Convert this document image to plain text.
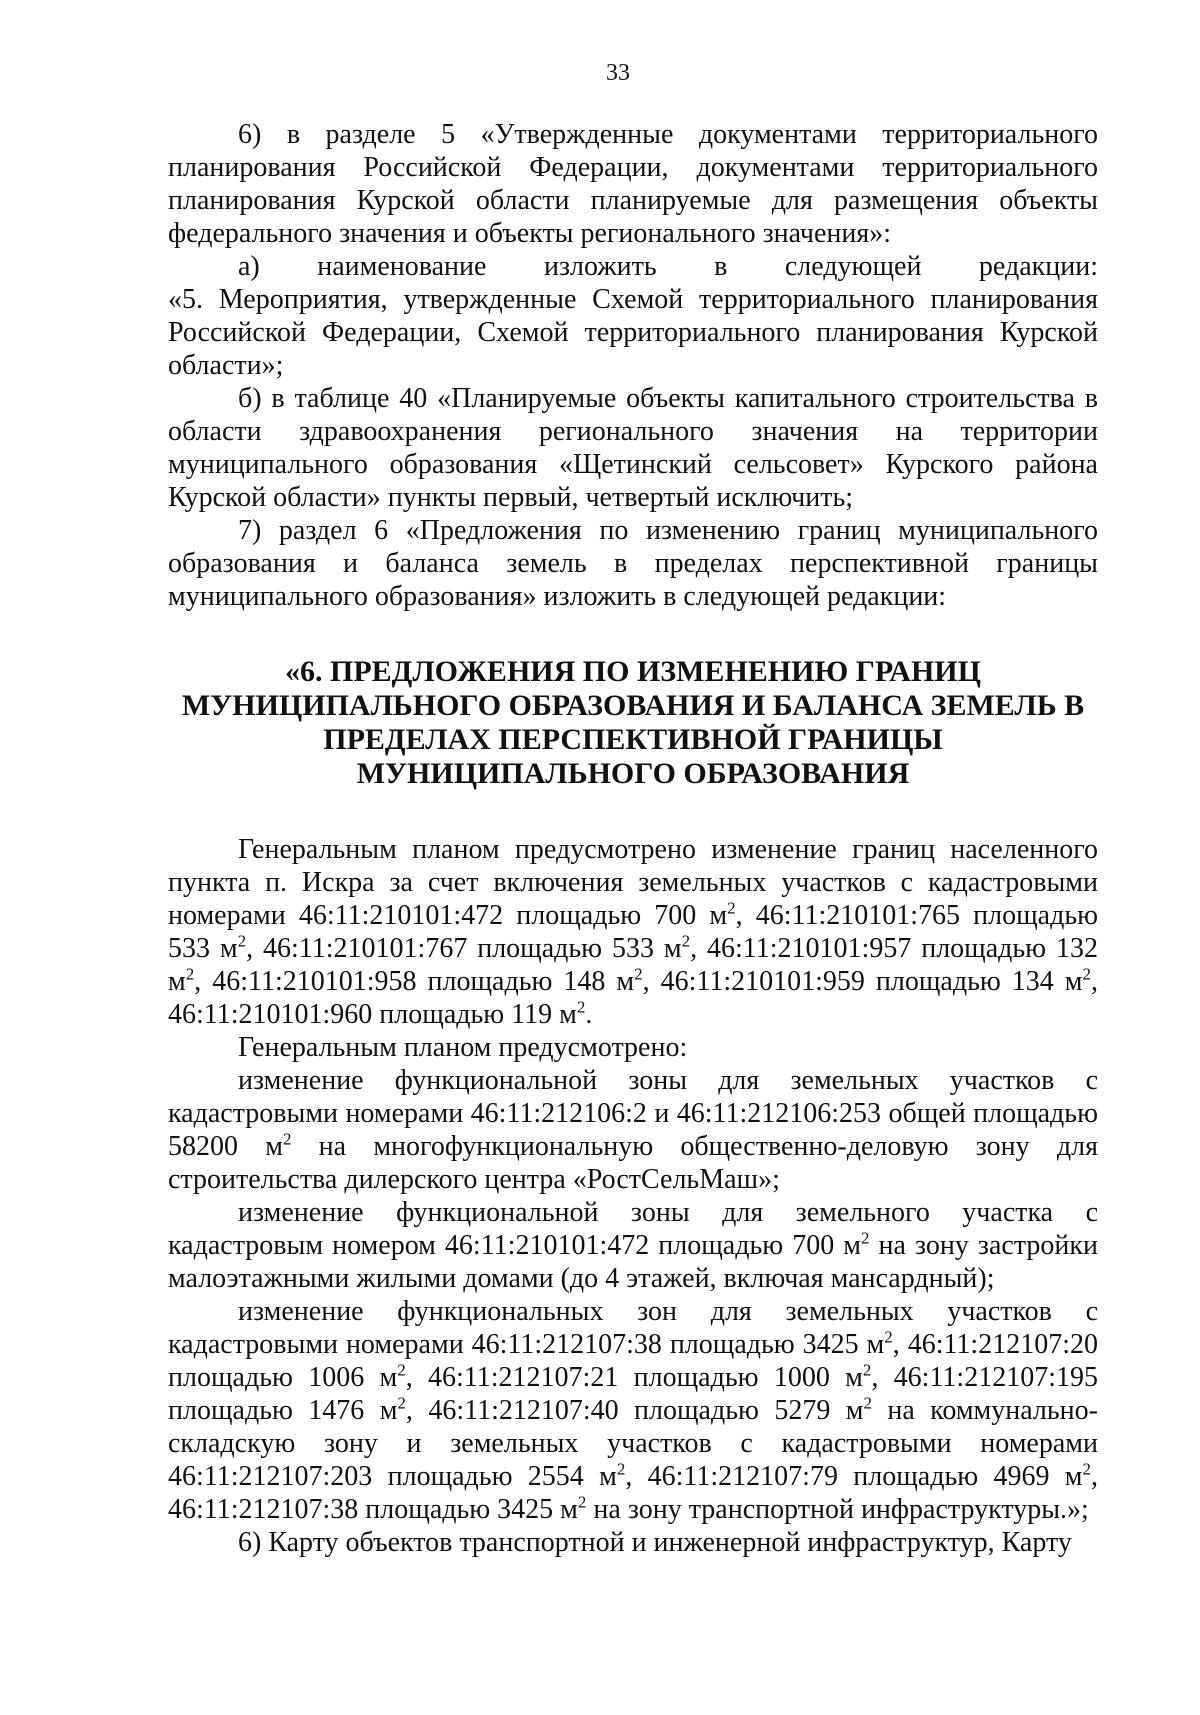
33

6) в разделе 5 «Утвержденные документами территориального планирования Российской Федерации, документами территориального планирования Курской области планируемые для размещения объекты федерального значения и объекты регионального значения»:

а) наименование изложить в следующей редакции:

«5. Мероприятия, утвержденные Схемой территориального планирования Российской Федерации, Схемой территориального планирования Курской области»;

б) в таблице 40 «Планируемые объекты капитального строительства в области здравоохранения регионального значения на территории муниципального образования «Щетинский сельсовет» Курского района Курской области» пункты первый, четвертый исключить;

7) раздел 6 «Предложения по изменению границ муниципального образования и баланса земель в пределах перспективной границы муниципального образования» изложить в следующей редакции:

«6. ПРЕДЛОЖЕНИЯ ПО ИЗМЕНЕНИЮ ГРАНИЦ МУНИЦИПАЛЬНОГО ОБРАЗОВАНИЯ И БАЛАНСА ЗЕМЕЛЬ В ПРЕДЕЛАХ ПЕРСПЕКТИВНОЙ ГРАНИЦЫ МУНИЦИПАЛЬНОГО ОБРАЗОВАНИЯ

Генеральным планом предусмотрено изменение границ населенного пункта п. Искра за счет включения земельных участков с кадастровыми номерами 46:11:210101:472 площадью 700 $м^2$, 46:11:210101:765 площадью 533 $м^2$, 46:11:210101:767 площадью 533 $м^2$, 46:11:210101:957 площадью 132 $м^2$, 46:11:210101:958 площадью 148 $м^2$, 46:11:210101:959 площадью 134 $м^2$, 46:11:210101:960 площадью 119 $м^2$.

Генеральным планом предусмотрено:

изменение функциональной зоны для земельных участков с кадастровыми номерами 46:11:212106:2 и 46:11:212106:253 общей площадью 58200 $м^2$ на многофункциональную общественно-деловую зону для строительства дилерского центра «РостСельМаш»;

изменение функциональной зоны для земельного участка с кадастровым номером 46:11:210101:472 площадью 700 $м^2$ на зону застройки малоэтажными жилыми домами (до 4 этажей, включая мансардный);

изменение функциональных зон для земельных участков с кадастровыми номерами 46:11:212107:38 площадью 3425 $м^2$, 46:11:212107:20 площадью 1006 $м^2$, 46:11:212107:21 площадью 1000 $м^2$, 46:11:212107:195 площадью 1476 $м^2$, 46:11:212107:40 площадью 5279 $м^2$ на коммунально-складскую зону и земельных участков с кадастровыми номерами 46:11:212107:203 площадью 2554 $м^2$, 46:11:212107:79 площадью 4969 $м^2$, 46:11:212107:38 площадью 3425 $м^2$ на зону транспортной инфраструктуры.»;

6) Карту объектов транспортной и инженерной инфраструктур, Карту
